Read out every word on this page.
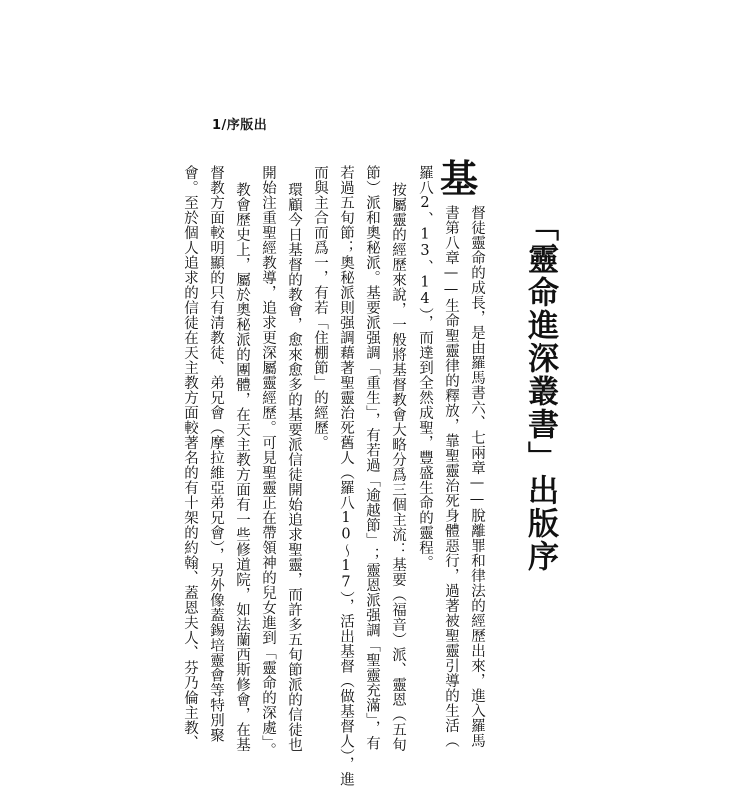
1/序版出
「靈命進深叢書」出版序
基
督徒靈命的成長，是由羅馬書六、七兩章——脫離罪和律法的經歷出來，進入羅馬
書第八章——生命聖靈律的釋放，靠聖靈治死身體惡行，過著被聖靈引導的生活（
羅八2、13、14），而達到全然成聖，豐盛生命的靈程。
按屬靈的經歷來說，一般將基督教會大略分爲三個主流：基要（福音）派、靈恩（五旬
節）派和奧秘派。基要派强調「重生」，有若過「逾越節」；靈恩派强調「聖靈充滿」，有
若過五旬節；奧秘派則强調藉著聖靈治死舊人（羅八10～17），活出基督（做基督人），進
而與主合而爲一，有若「住棚節」的經歷。
環顧今日基督的教會，愈來愈多的基要派信徒開始追求聖靈，而許多五旬節派的信徒也
開始注重聖經教導，追求更深屬靈經歷。可見聖靈正在帶領神的兒女進到「靈命的深處」。
教會歷史上，屬於奧秘派的團體，在天主教方面有一些修道院，如法蘭西斯修會，在基
督教方面較明顯的只有清教徒、弟兄會（摩拉維亞弟兄會），另外像蓋錫培靈會等特別聚
會。至於個人追求的信徒在天主教方面較著名的有十架的約翰、蓋恩夫人、芬乃倫主教、
